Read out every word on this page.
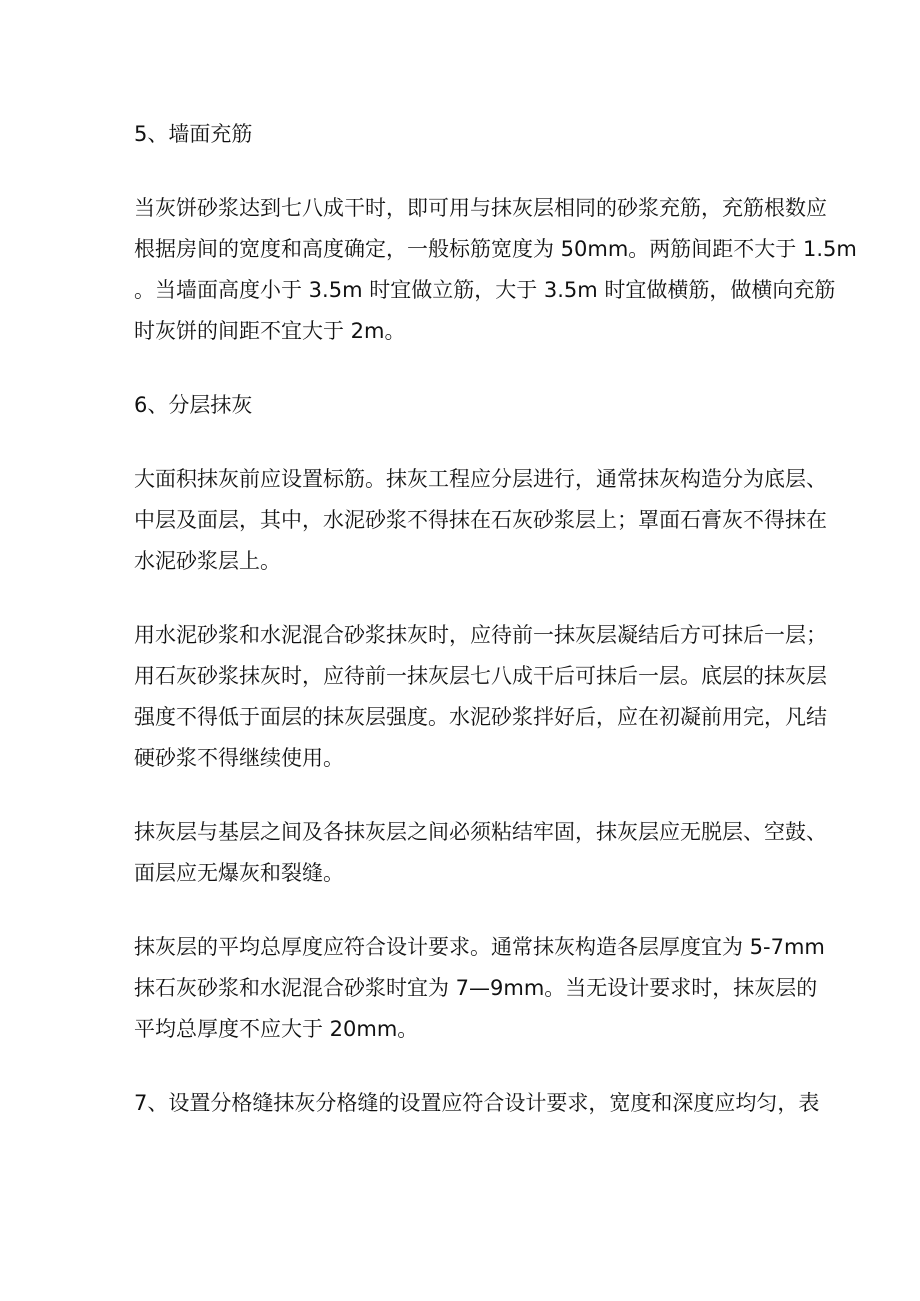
5、墙面充筋
当灰饼砂浆达到七八成干时，即可用与抹灰层相同的砂浆充筋，充筋根数应
根据房间的宽度和高度确定，一般标筋宽度为 50mm。两筋间距不大于 1.5m
。当墙面高度小于 3.5m 时宜做立筋，大于 3.5m 时宜做横筋，做横向充筋
时灰饼的间距不宜大于 2m。
6、分层抹灰
大面积抹灰前应设置标筋。抹灰工程应分层进行，通常抹灰构造分为底层、
中层及面层，其中，水泥砂浆不得抹在石灰砂浆层上；罩面石膏灰不得抹在
水泥砂浆层上。
用水泥砂浆和水泥混合砂浆抹灰时，应待前一抹灰层凝结后方可抹后一层；
用石灰砂浆抹灰时，应待前一抹灰层七八成干后可抹后一层。底层的抹灰层
强度不得低于面层的抹灰层强度。水泥砂浆拌好后，应在初凝前用完，凡结
硬砂浆不得继续使用。
抹灰层与基层之间及各抹灰层之间必须粘结牢固，抹灰层应无脱层、空鼓、
面层应无爆灰和裂缝。
抹灰层的平均总厚度应符合设计要求。通常抹灰构造各层厚度宜为 5-7mm
抹石灰砂浆和水泥混合砂浆时宜为 7—9mm。当无设计要求时，抹灰层的
平均总厚度不应大于 20mm。
7、设置分格缝抹灰分格缝的设置应符合设计要求，宽度和深度应均匀，表
